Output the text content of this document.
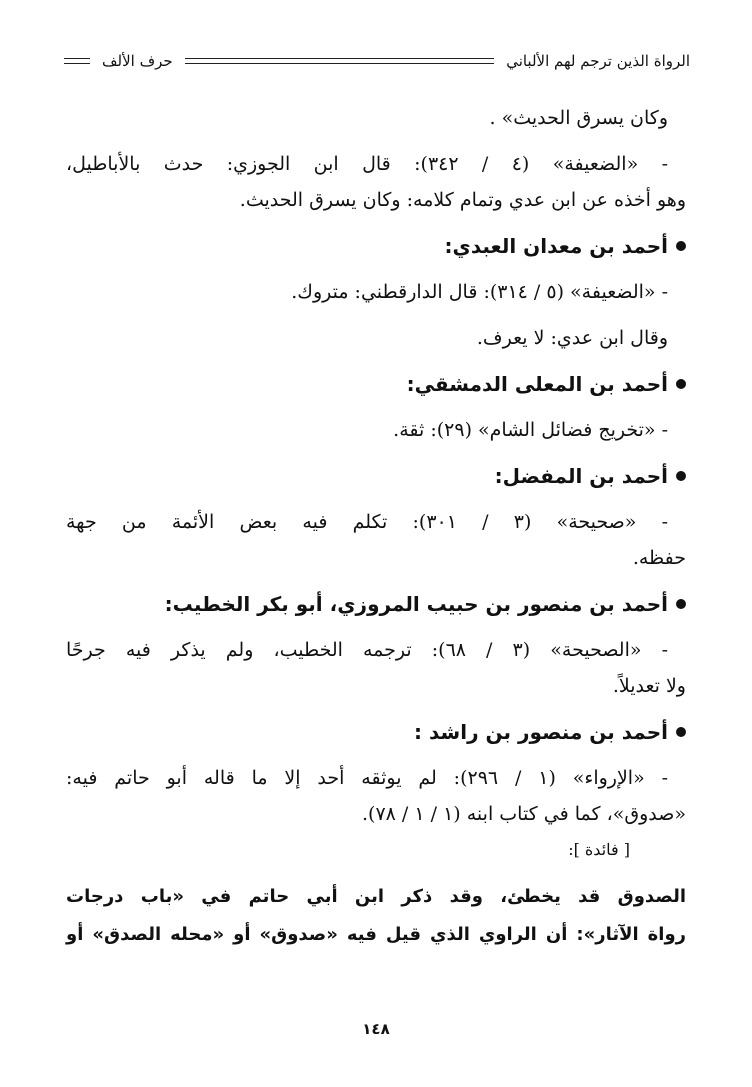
الرواة الذين ترجم لهم الألباني
حرف الألف

وكان يسرق الحديث» .

- «الضعيفة» (٤ / ٣٤٢): قال ابن الجوزي: حدث بالأباطيل،

وهو أخذه عن ابن عدي وتمام كلامه: وكان يسرق الحديث.

أحمد بن معدان العبدي:

- «الضعيفة» (٥ / ٣١٤): قال الدارقطني: متروك.

وقال ابن عدي: لا يعرف.

أحمد بن المعلى الدمشقي:

- «تخريج فضائل الشام» (٢٩): ثقة.

أحمد بن المفضل:

- «صحيحة» (٣ / ٣٠١): تكلم فيه بعض الأئمة من جهة

حفظه.

أحمد بن منصور بن حبيب المروزي، أبو بكر الخطيب:

- «الصحيحة» (٣ / ٦٨): ترجمه الخطيب، ولم يذكر فيه جرحًا

ولا تعديلاً.

أحمد بن منصور بن راشد :

- «الإرواء» (١ / ٢٩٦): لم يوثقه أحد إلا ما قاله أبو حاتم فيه:

«صدوق»، كما في كتاب ابنه (١ / ١ / ٧٨).

[ فائدة ]:

الصدوق قد يخطئ، وقد ذكر ابن أبي حاتم في «باب درجات

رواة الآثار»: أن الراوي الذي قيل فيه «صدوق» أو «محله الصدق» أو

١٤٨
